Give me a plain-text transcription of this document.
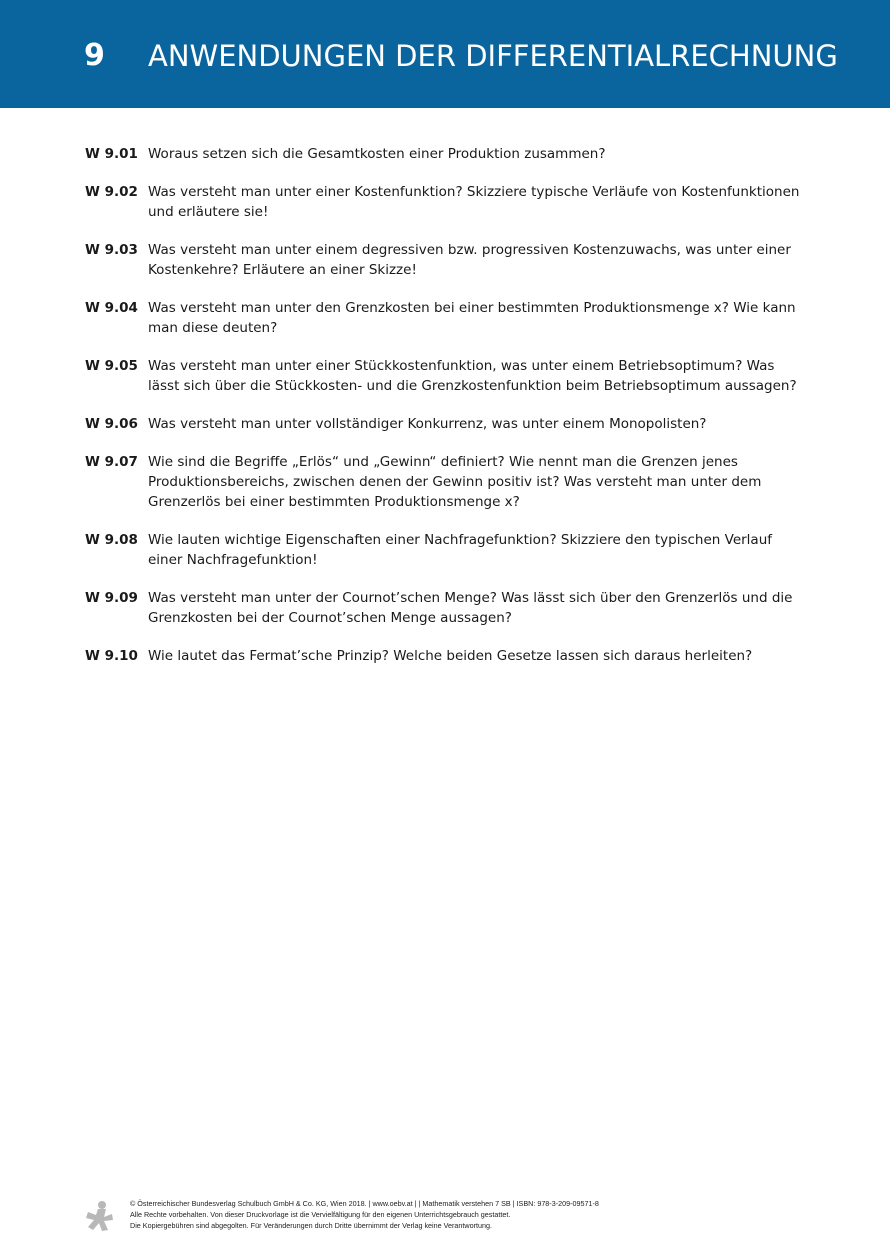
9 ANWENDUNGEN DER DIFFERENTIALRECHNUNG
W 9.01 Woraus setzen sich die Gesamtkosten einer Produktion zusammen?
W 9.02 Was versteht man unter einer Kostenfunktion? Skizziere typische Verläufe von Kostenfunktionen und erläutere sie!
W 9.03 Was versteht man unter einem degressiven bzw. progressiven Kostenzuwachs, was unter einer Kostenkehre? Erläutere an einer Skizze!
W 9.04 Was versteht man unter den Grenzkosten bei einer bestimmten Produktionsmenge x? Wie kann man diese deuten?
W 9.05 Was versteht man unter einer Stückkostenfunktion, was unter einem Betriebsoptimum? Was lässt sich über die Stückkosten- und die Grenzkostenfunktion beim Betriebsoptimum aussagen?
W 9.06 Was versteht man unter vollständiger Konkurrenz, was unter einem Monopolisten?
W 9.07 Wie sind die Begriffe „Erlös“ und „Gewinn“ definiert? Wie nennt man die Grenzen jenes Produktionsbereichs, zwischen denen der Gewinn positiv ist? Was versteht man unter dem Grenzerlös bei einer bestimmten Produktionsmenge x?
W 9.08 Wie lauten wichtige Eigenschaften einer Nachfragefunktion? Skizziere den typischen Verlauf einer Nachfragefunktion!
W 9.09 Was versteht man unter der Cournot’schen Menge? Was lässt sich über den Grenzerlös und die Grenzkosten bei der Cournot’schen Menge aussagen?
W 9.10 Wie lautet das Fermat’sche Prinzip? Welche beiden Gesetze lassen sich daraus herleiten?
© Österreichischer Bundesverlag Schulbuch GmbH & Co. KG, Wien 2018. | www.oebv.at | | Mathematik verstehen 7 SB | ISBN: 978-3-209-09571-8
Alle Rechte vorbehalten. Von dieser Druckvorlage ist die Vervielfältigung für den eigenen Unterrichtsgebrauch gestattet.
Die Kopiergebühren sind abgegolten. Für Veränderungen durch Dritte übernimmt der Verlag keine Verantwortung.
